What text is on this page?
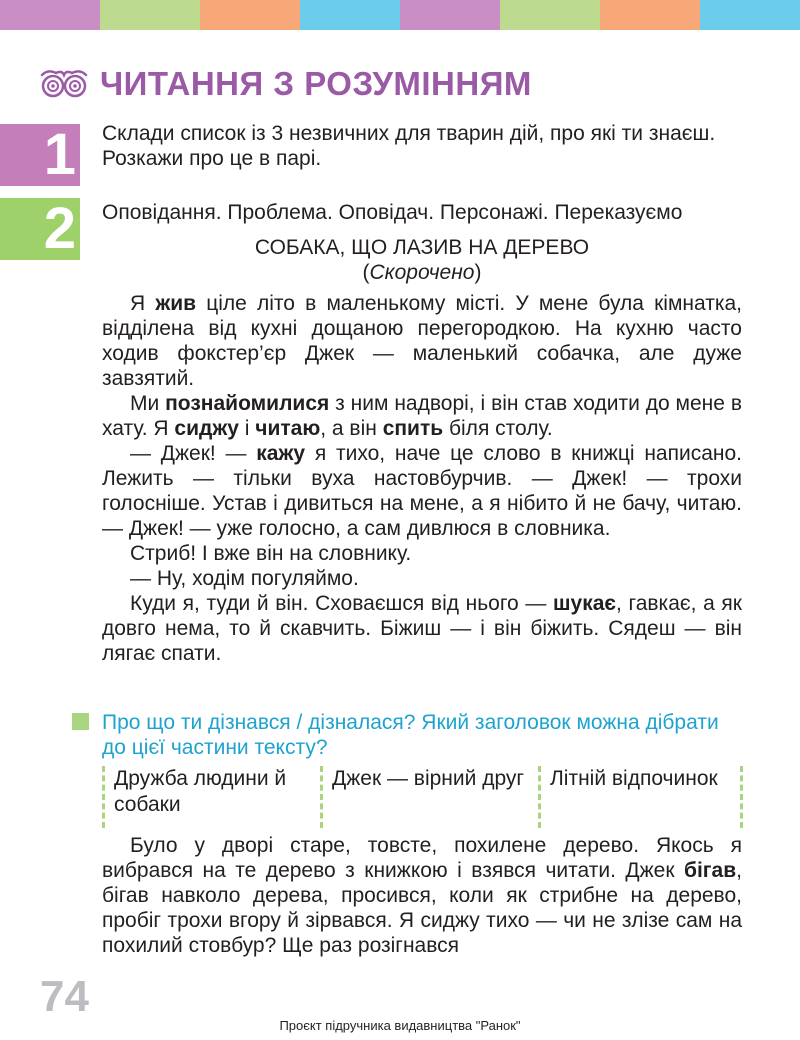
ЧИТАННЯ З РОЗУМІННЯМ
1 Склади список із 3 незвичних для тварин дій, про які ти знаєш. Розкажи про це в парі.
2 Оповідання. Проблема. Оповідач. Персонажі. Переказуємо
СОБАКА, ЩО ЛАЗИВ НА ДЕРЕВО
(Скорочено)

Я жив ціле літо в маленькому місті. У мене була кімнатка, відділена від кухні дощаною перегородкою. На кухню часто ходив фокстер’єр Джек — маленький собачка, але дуже завзятий.

Ми познайомилися з ним надворі, і він став ходити до мене в хату. Я сиджу і читаю, а він спить біля столу.

— Джек! — кажу я тихо, наче це слово в книжці написано. Лежить — тільки вуха настовбурчив. — Джек! — трохи голосніше. Устав і дивиться на мене, а я нібито й не бачу, читаю. — Джек! — уже голосно, а сам дивлюся в словника.

Стриб! І вже він на словнику.

— Ну, ходім погуляймо.

Куди я, туди й він. Сховаєшся від нього — шукає, гавкає, а як довго нема, то й скавчить. Біжиш — і він біжить. Сядеш — він лягає спати.

Про що ти дізнався / дізналася? Який заголовок можна дібрати до цієї частини тексту?
Дружба людини й собаки
Джек — вірний друг	Літній відпочинок

Було у дворі старе, товсте, похилене дерево. Якось я вибрався на те дерево з книжкою і взявся читати. Джек бігав, бігав навколо дерева, просився, коли як стрибне на дерево, пробіг трохи вгору й зірвався. Я сиджу тихо — чи не злізе сам на похилий стовбур? Ще раз розігнався

74
Проєкт підручника видавництва "Ранок"
